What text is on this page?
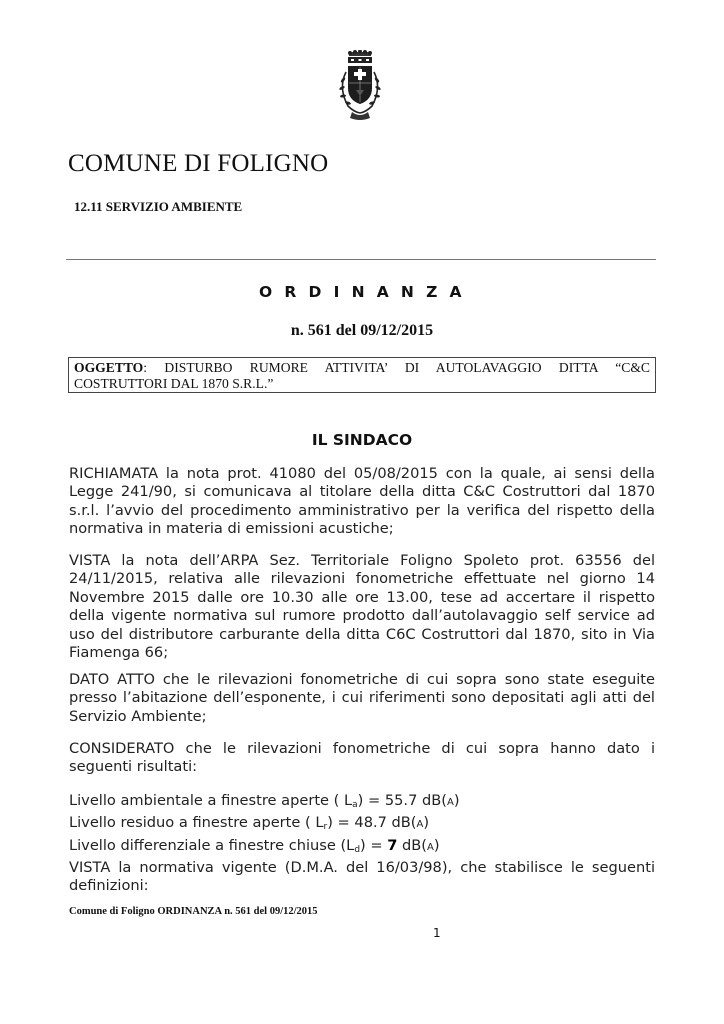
COMUNE DI FOLIGNO
12.11 SERVIZIO AMBIENTE
O R D I N A N Z A
n. 561 del 09/12/2015
OGGETTO: DISTURBO RUMORE ATTIVITA’ DI AUTOLAVAGGIO DITTA “C&C
COSTRUTTORI DAL 1870 S.R.L.”
IL SINDACO
RICHIAMATA la nota prot. 41080 del 05/08/2015 con la quale, ai sensi della
Legge 241/90, si comunicava al titolare della ditta C&C Costruttori dal 1870
s.r.l. l’avvio del procedimento amministrativo per la verifica del rispetto della
normativa in materia di emissioni acustiche;
VISTA la nota dell’ARPA Sez. Territoriale Foligno Spoleto prot. 63556 del
24/11/2015, relativa alle rilevazioni fonometriche effettuate nel giorno 14
Novembre 2015 dalle ore 10.30 alle ore 13.00, tese ad accertare il rispetto
della vigente normativa sul rumore prodotto dall’autolavaggio self service ad
uso del distributore carburante della ditta C6C Costruttori dal 1870, sito in Via
Fiamenga 66;
DATO ATTO che le rilevazioni fonometriche di cui sopra sono state eseguite
presso l’abitazione dell’esponente, i cui riferimenti sono depositati agli atti del
Servizio Ambiente;
CONSIDERATO che le rilevazioni fonometriche di cui sopra hanno dato i
seguenti risultati:
Livello ambientale a finestre aperte ( $L_a) = 55.7$ dB(A)
Livello residuo a finestre aperte ( $L_r) = 48.7$ dB(A)
Livello differenziale a finestre chiuse $(L_d) = 7$ dB(A)
VISTA la normativa vigente (D.M.A. del 16/03/98), che stabilisce le seguenti
definizioni:
Comune di Foligno ORDINANZA n. 561 del 09/12/2015
1
